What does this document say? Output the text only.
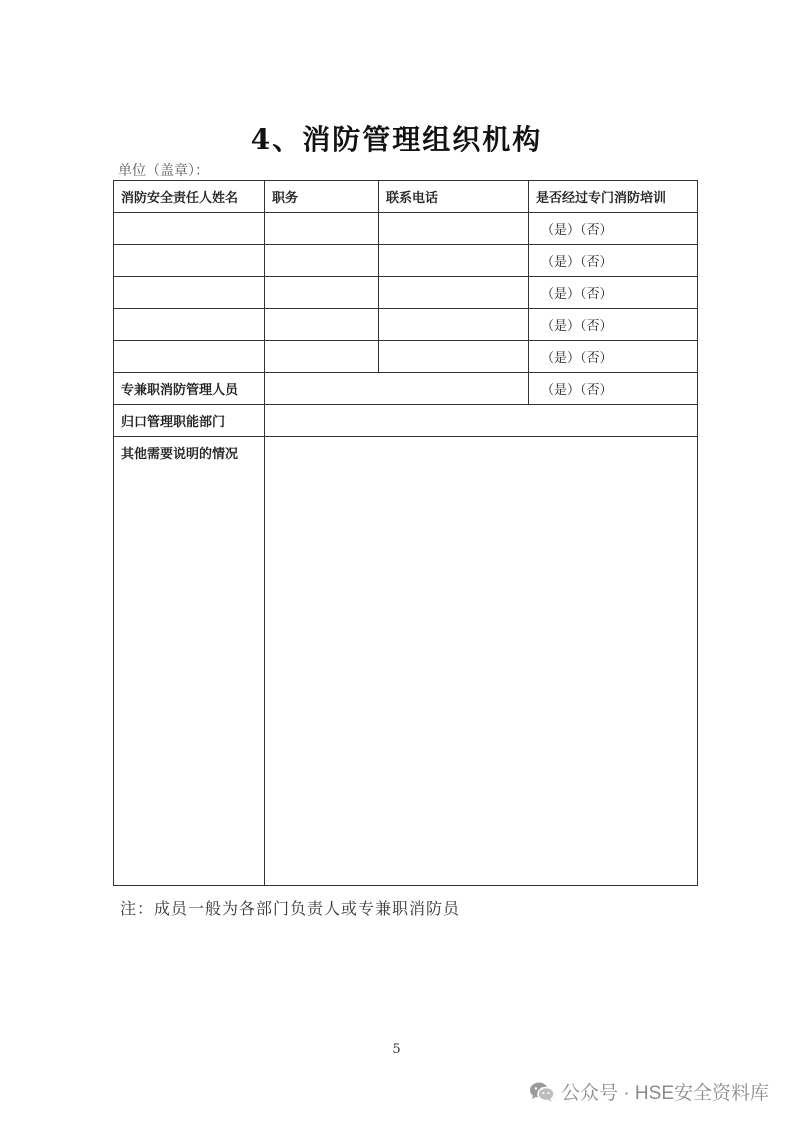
4、消防管理组织机构
单位（盖章）：
消防安全责任人姓名	职务	联系电话	是否经过专门消防培训
			（是）（否）
			（是）（否）
			（是）（否）
			（是）（否）
			（是）（否）
专兼职消防管理人员			（是）（否）
归口管理职能部门			
其他需要说明的情况			
注：成员一般为各部门负责人或专兼职消防员
5
公众号 · HSE安全资料库
